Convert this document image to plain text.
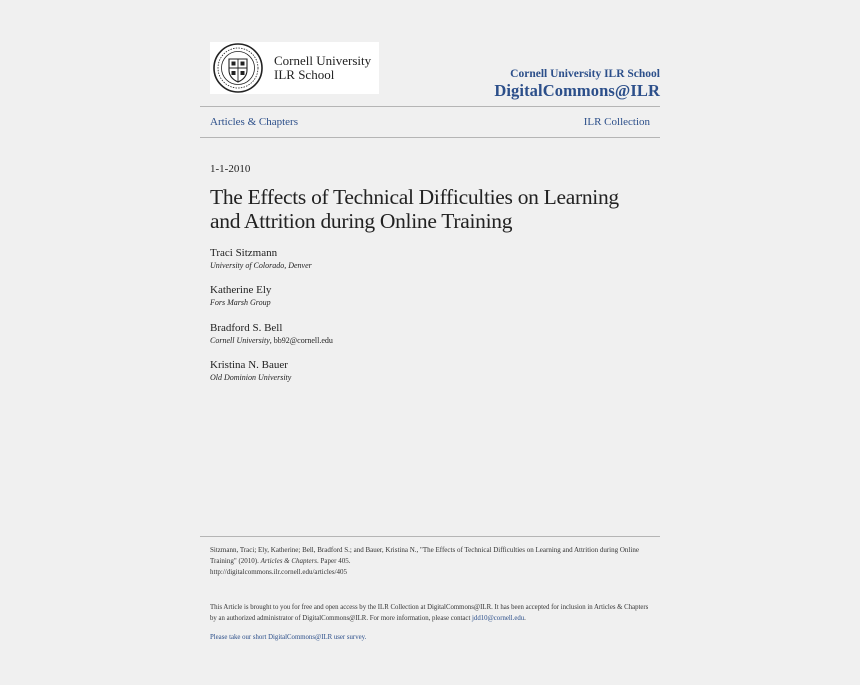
Cornell University
ILR School	Cornell University ILR School
DigitalCommons@ILR
Articles & Chapters	ILR Collection
1-1-2010
The Effects of Technical Difficulties on Learning and Attrition during Online Training
Traci Sitzmann
University of Colorado, Denver
Katherine Ely
Fors Marsh Group
Bradford S. Bell
Cornell University, bb92@cornell.edu
Kristina N. Bauer
Old Dominion University
Sitzmann, Traci; Ely, Katherine; Bell, Bradford S.; and Bauer, Kristina N., "The Effects of Technical Difficulties on Learning and Attrition during Online Training" (2010). Articles & Chapters. Paper 405.
http://digitalcommons.ilr.cornell.edu/articles/405
This Article is brought to you for free and open access by the ILR Collection at DigitalCommons@ILR. It has been accepted for inclusion in Articles & Chapters by an authorized administrator of DigitalCommons@ILR. For more information, please contact jdd10@cornell.edu.
Please take our short DigitalCommons@ILR user survey.
